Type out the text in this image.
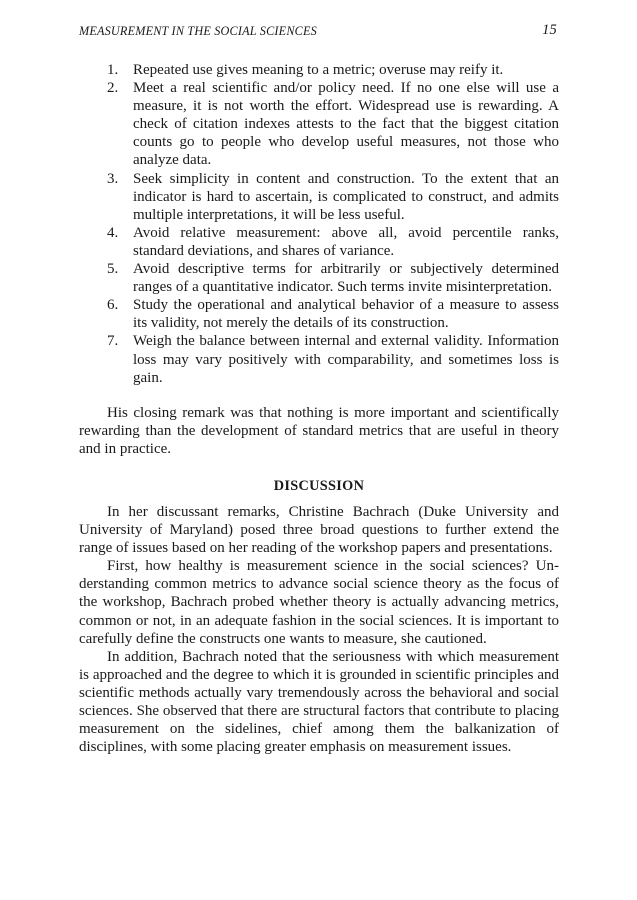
MEASUREMENT IN THE SOCIAL SCIENCES	15
1. Repeated use gives meaning to a metric; overuse may reify it.
2. Meet a real scientific and/or policy need. If no one else will use a measure, it is not worth the effort. Widespread use is rewarding. A check of citation indexes attests to the fact that the biggest citation counts go to people who develop useful measures, not those who analyze data.
3. Seek simplicity in content and construction. To the extent that an indicator is hard to ascertain, is complicated to construct, and admits multiple interpretations, it will be less useful.
4. Avoid relative measurement: above all, avoid percentile ranks, standard deviations, and shares of variance.
5. Avoid descriptive terms for arbitrarily or subjectively determined ranges of a quantitative indicator. Such terms invite misinterpretation.
6. Study the operational and analytical behavior of a measure to assess its validity, not merely the details of its construction.
7. Weigh the balance between internal and external validity. Information loss may vary positively with comparability, and sometimes loss is gain.

His closing remark was that nothing is more important and scientifically rewarding than the development of standard metrics that are useful in theory and in practice.

DISCUSSION

In her discussant remarks, Christine Bachrach (Duke University and University of Maryland) posed three broad questions to further extend the range of issues based on her reading of the workshop papers and presentations.

First, how healthy is measurement science in the social sciences? Understanding common metrics to advance social science theory as the focus of the workshop, Bachrach probed whether theory is actually advancing metrics, common or not, in an adequate fashion in the social sciences. It is important to carefully define the constructs one wants to measure, she cautioned.

In addition, Bachrach noted that the seriousness with which measurement is approached and the degree to which it is grounded in scientific principles and scientific methods actually vary tremendously across the behavioral and social sciences. She observed that there are structural factors that contribute to placing measurement on the sidelines, chief among them the balkanization of disciplines, with some placing greater emphasis on measurement issues.
